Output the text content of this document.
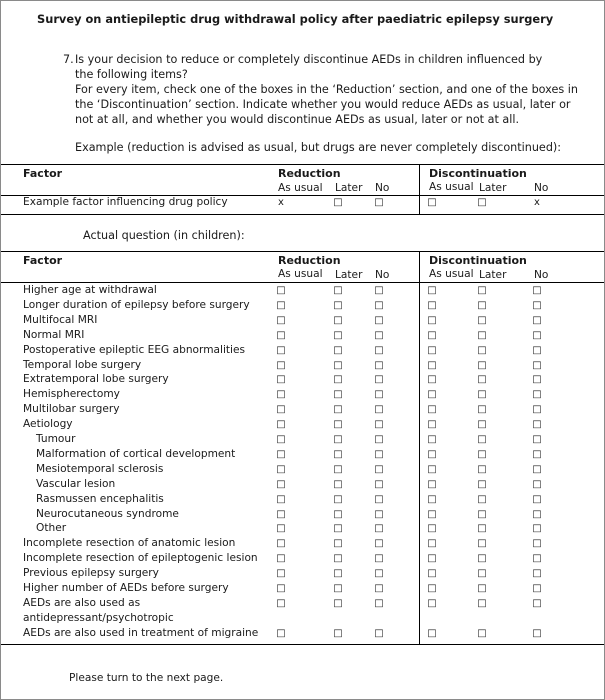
Survey on antiepileptic drug withdrawal policy after paediatric epilepsy surgery
7. Is your decision to reduce or completely discontinue AEDs in children influenced by
the following items?
For every item, check one of the boxes in the ‘Reduction’ section, and one of the boxes in the ‘Discontinuation’ section. Indicate whether you would reduce AEDs as usual, later or not at all, and whether you would discontinue AEDs as usual, later or not at all.
Example (reduction is advised as usual, but drugs are never completely discontinued):
Factor	Reduction	Discontinuation
As usual Later No	As usual Later	No
Example factor influencing drug policy	x	□	□	□	□	x
Actual question (in children):
Factor	Reduction	Discontinuation
As usual Later No	As usual Later	No
Higher age at withdrawal	□	□	□	□	□	□
Longer duration of epilepsy before surgery	□	□	□	□	□	□
Multifocal MRI	□	□	□	□	□	□
Normal MRI	□	□	□	□	□	□
Postoperative epileptic EEG abnormalities	□	□	□	□	□	□
Temporal lobe surgery	□	□	□	□	□	□
Extratemporal lobe surgery	□	□	□	□	□	□
Hemispherectomy	□	□	□	□	□	□
Multilobar surgery	□	□	□	□	□	□
Aetiology	□	□	□	□	□	□
Tumour	□	□	□	□	□	□
Malformation of cortical development	□	□	□	□	□	□
Mesiotemporal sclerosis	□	□	□	□	□	□
Vascular lesion	□	□	□	□	□	□
Rasmussen encephalitis	□	□	□	□	□	□
Neurocutaneous syndrome	□	□	□	□	□	□
Other	□	□	□	□	□	□
Incomplete resection of anatomic lesion	□	□	□	□	□	□
Incomplete resection of epileptogenic lesion □	□	□	□	□	□
Previous epilepsy surgery	□	□	□	□	□	□
Higher number of AEDs before surgery	□	□	□	□	□	□
AEDs are also used as	□	□	□	□	□	□
antidepressant/psychotropic
AEDs are also used in treatment of migraine □	□	□	□	□	□
Please turn to the next page.
